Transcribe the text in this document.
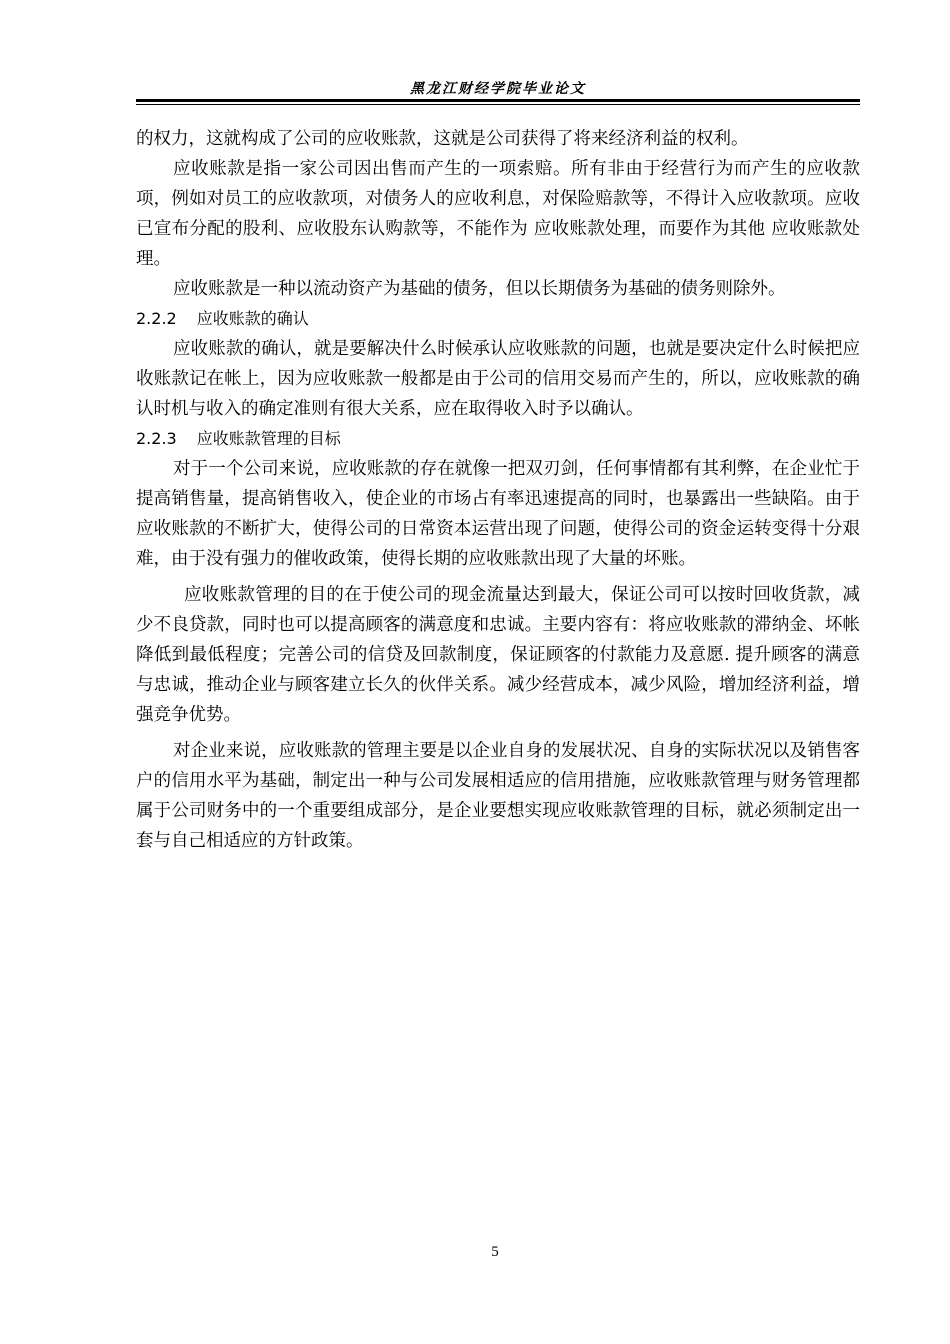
黑龙江财经学院毕业论文

的权力，这就构成了公司的应收账款，这就是公司获得了将来经济利益的权利。

应收账款是指一家公司因出售而产生的一项索赔。所有非由于经营行为而产生的应收款项，例如对员工的应收款项，对债务人的应收利息，对保险赔款等，不得计入应收款项。应收已宣布分配的股利、应收股东认购款等，不能作为 应收账款处理，而要作为其他 应收账款处理。

应收账款是一种以流动资产为基础的债务，但以长期债务为基础的债务则除外。

2.2.2 应收账款的确认

应收账款的确认，就是要解决什么时候承认应收账款的问题，也就是要决定什么时候把应收账款记在帐上，因为应收账款一般都是由于公司的信用交易而产生的，所以，应收账款的确认时机与收入的确定准则有很大关系，应在取得收入时予以确认。

2.2.3 应收账款管理的目标

对于一个公司来说，应收账款的存在就像一把双刃剑，任何事情都有其利弊，在企业忙于提高销售量，提高销售收入，使企业的市场占有率迅速提高的同时，也暴露出一些缺陷。由于应收账款的不断扩大，使得公司的日常资本运营出现了问题，使得公司的资金运转变得十分艰难，由于没有强力的催收政策，使得长期的应收账款出现了大量的坏账。

应收账款管理的目的在于使公司的现金流量达到最大，保证公司可以按时回收货款，减少不良贷款，同时也可以提高顾客的满意度和忠诚。主要内容有：将应收账款的滞纳金、坏帐降低到最低程度；完善公司的信贷及回款制度，保证顾客的付款能力及意愿. 提升顾客的满意与忠诚，推动企业与顾客建立长久的伙伴关系。减少经营成本，减少风险，增加经济利益，增强竞争优势。

对企业来说，应收账款的管理主要是以企业自身的发展状况、自身的实际状况以及销售客户的信用水平为基础，制定出一种与公司发展相适应的信用措施，应收账款管理与财务管理都属于公司财务中的一个重要组成部分，是企业要想实现应收账款管理的目标，就必须制定出一套与自己相适应的方针政策。

5
